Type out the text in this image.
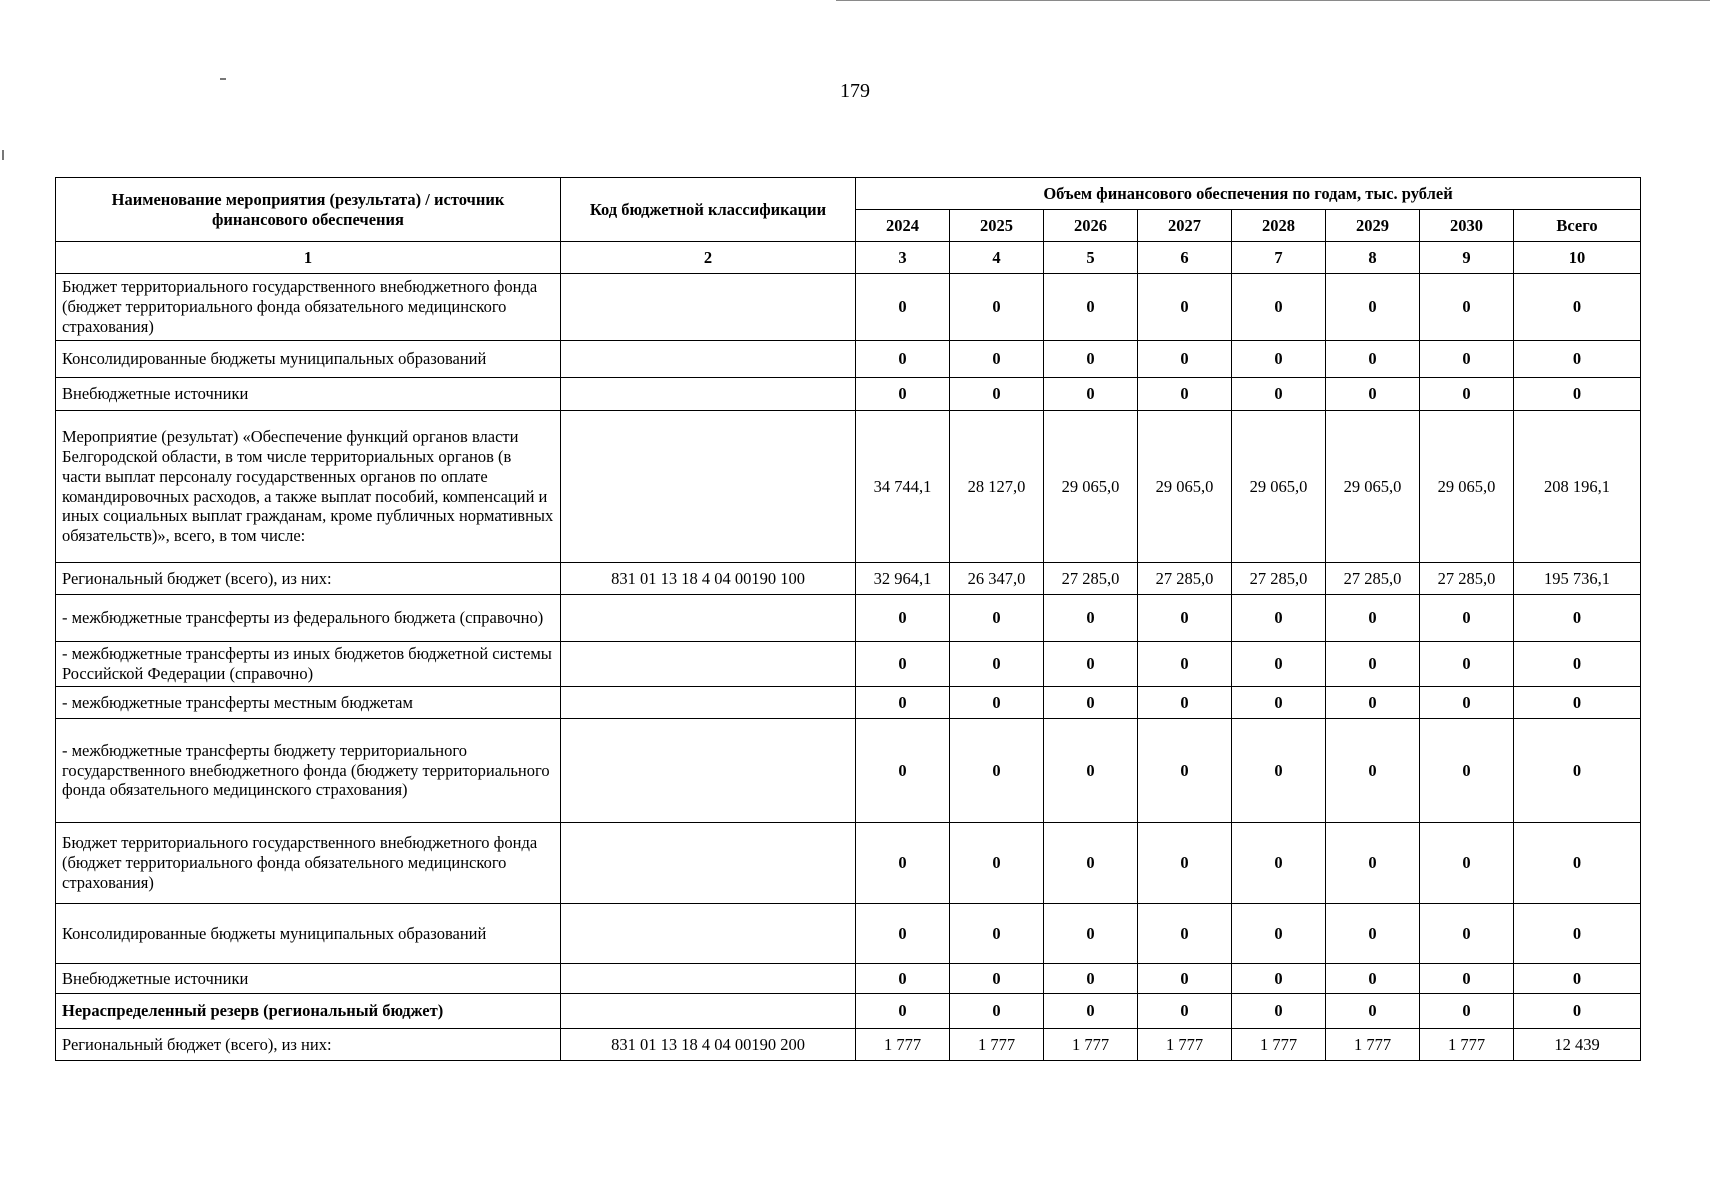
179
Наименование мероприятия (результата) / источник финансового обеспечения	Код бюджетной классификации	Объем финансового обеспечения по годам, тыс. рублей							
		2024	2025	2026	2027	2028	2029	2030	Всего
1	2	3	4	5	6	7	8	9	10
Бюджет территориального государственного внебюджетного фонда (бюджет территориального фонда обязательного медицинского страхования)		0	0	0	0	0	0	0	0
Консолидированные бюджеты муниципальных образований		0	0	0	0	0	0	0	0
Внебюджетные источники		0	0	0	0	0	0	0	0
Мероприятие (результат) «Обеспечение функций органов власти Белгородской области, в том числе территориальных органов (в части выплат персоналу государственных органов по оплате командировочных расходов, а также выплат пособий, компенсаций и иных социальных выплат гражданам, кроме публичных нормативных обязательств)», всего, в том числе:		34 744,1	28 127,0	29 065,0	29 065,0	29 065,0	29 065,0	29 065,0	208 196,1
Региональный бюджет (всего), из них:	831 01 13 18 4 04 00190 100	32 964,1	26 347,0	27 285,0	27 285,0	27 285,0	27 285,0	27 285,0	195 736,1
- межбюджетные трансферты из федерального бюджета (справочно)		0	0	0	0	0	0	0	0
- межбюджетные трансферты из иных бюджетов бюджетной системы Российской Федерации (справочно)		0	0	0	0	0	0	0	0
- межбюджетные трансферты местным бюджетам		0	0	0	0	0	0	0	0
- межбюджетные трансферты бюджету территориального государственного внебюджетного фонда (бюджету территориального фонда обязательного медицинского страхования)		0	0	0	0	0	0	0	0
Бюджет территориального государственного внебюджетного фонда (бюджет территориального фонда обязательного медицинского страхования)		0	0	0	0	0	0	0	0
Консолидированные бюджеты муниципальных образований		0	0	0	0	0	0	0	0
Внебюджетные источники		0	0	0	0	0	0	0	0
Нераспределенный резерв (региональный бюджет)		0	0	0	0	0	0	0	0
Региональный бюджет (всего), из них:	831 01 13 18 4 04 00190 200	1 777	1 777	1 777	1 777	1 777	1 777	1 777	12 439
